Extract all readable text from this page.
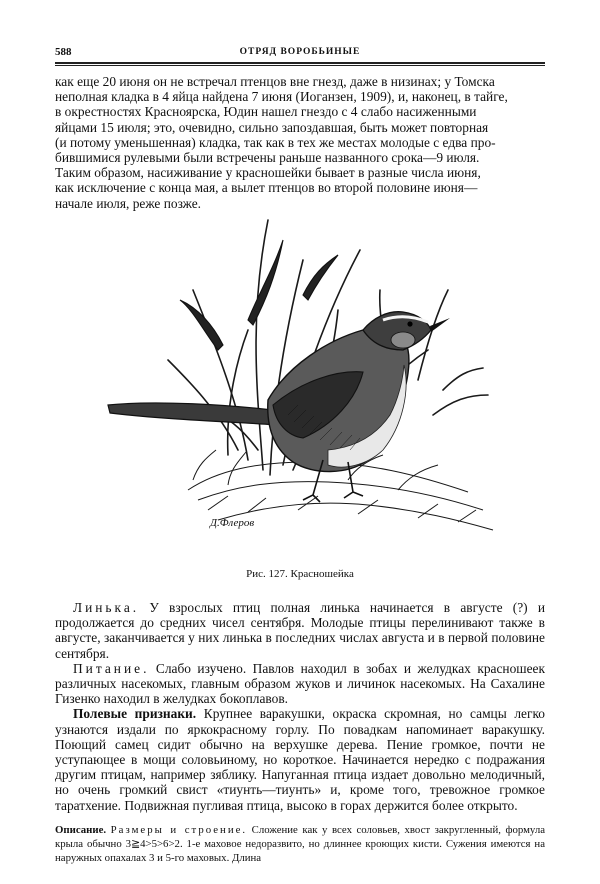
588	ОТРЯД ВОРОБЬИНЫЕ
как еще 20 июня он не встречал птенцов вне гнезд, даже в низинах; у Томска
неполная кладка в 4 яйца найдена 7 июня (Иоганзен, 1909), и, наконец, в тайге,
в окрестностях Красноярска, Юдин нашел гнездо с 4 слабо насиженными
яйцами 15 июля; это, очевидно, сильно запоздавшая, быть может повторная
(и потому уменьшенная) кладка, так как в тех же местах молодые с едва про-
бившимися рулевыми были встречены раньше названного срока—9 июля.
Таким образом, насиживание у красношейки бывает в разные числа июня,
как исключение с конца мая, а вылет птенцов во второй половине июня—
начале июля, реже позже.
Д.Флеров
Рис. 127. Красношейка
Линька. У взрослых птиц полная линька начинается в августе (?) и продолжается до средних чисел сентября. Молодые птицы перелинивают также в августе, заканчивается у них линька в последних числах августа и в первой половине сентября.
Питание. Слабо изучено. Павлов находил в зобах и желудках красношеек различных насекомых, главным образом жуков и личинок насекомых. На Сахалине Гизенко находил в желудках бокоплавов.
Полевые признаки. Крупнее варакушки, окраска скромная, но самцы легко узнаются издали по яркокрасному горлу. По повадкам напоминает варакушку. Поющий самец сидит обычно на верхушке дерева. Пение громкое, почти не уступающее в мощи соловьиному, но короткое. Начинается нередко с подражания другим птицам, например зяблику. Напуганная птица издает довольно мелодичный, но очень громкий свист «тиунть—тиунть» и, кроме того, тревожное громкое таратхение. Подвижная пугливая птица, высоко в горах держится более открыто.
Описание. Размеры и строение. Сложение как у всех соловьев, хвост закругленный, формула крыла обычно 3≧4>5>6>2. 1-е маховое недоразвито, но длиннее кроющих кисти. Сужения имеются на наружных опахалах 3 и 5-го маховых. Длина
